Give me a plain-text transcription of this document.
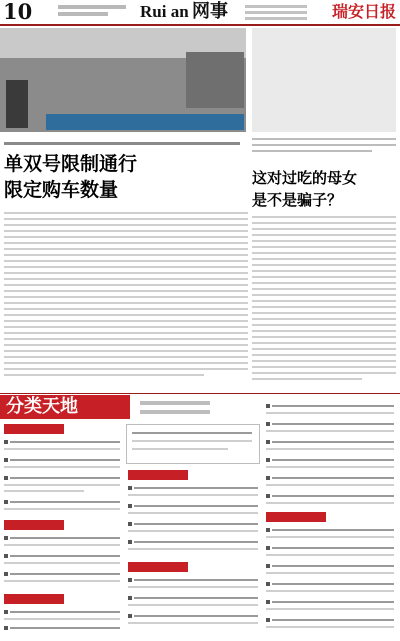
10	Rui an 网事	瑞安日报
单双号限制通行
限定购车数量
这对过吃的母女
是不是骗子？
分类天地
